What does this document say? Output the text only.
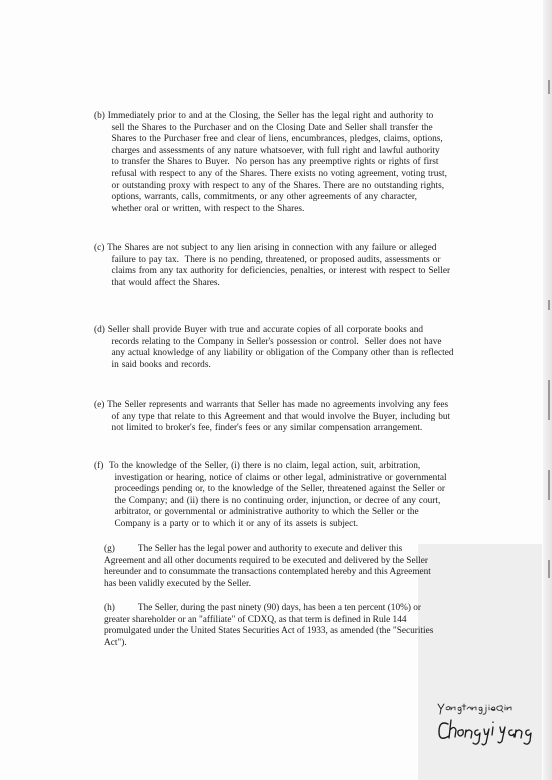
(b) Immediately prior to and at the Closing, the Seller has the legal right and authority to
sell the Shares to the Purchaser and on the Closing Date and Seller shall transfer the
Shares to the Purchaser free and clear of liens, encumbrances, pledges, claims, options,
charges and assessments of any nature whatsoever, with full right and lawful authority
to transfer the Shares to Buyer.  No person has any preemptive rights or rights of first
refusal with respect to any of the Shares. There exists no voting agreement, voting trust,
or outstanding proxy with respect to any of the Shares. There are no outstanding rights,
options, warrants, calls, commitments, or any other agreements of any character,
whether oral or written, with respect to the Shares.
(c) The Shares are not subject to any lien arising in connection with any failure or alleged
failure to pay tax.  There is no pending, threatened, or proposed audits, assessments or
claims from any tax authority for deficiencies, penalties, or interest with respect to Seller
that would affect the Shares.
(d) Seller shall provide Buyer with true and accurate copies of all corporate books and
records relating to the Company in Seller's possession or control.  Seller does not have
any actual knowledge of any liability or obligation of the Company other than is reflected
in said books and records.
(e) The Seller represents and warrants that Seller has made no agreements involving any fees
of any type that relate to this Agreement and that would involve the Buyer, including but
not limited to broker's fee, finder's fees or any similar compensation arrangement.
(f)  To the knowledge of the Seller, (i) there is no claim, legal action, suit, arbitration,
investigation or hearing, notice of claims or other legal, administrative or governmental
proceedings pending or, to the knowledge of the Seller, threatened against the Seller or
the Company; and (ii) there is no continuing order, injunction, or decree of any court,
arbitrator, or governmental or administrative authority to which the Seller or the
Company is a party or to which it or any of its assets is subject.
(g)          The Seller has the legal power and authority to execute and deliver this
Agreement and all other documents required to be executed and delivered by the Seller
hereunder and to consummate the transactions contemplated hereby and this Agreement
has been validly executed by the Seller.
(h)          The Seller, during the past ninety (90) days, has been a ten percent (10%) or
greater shareholder or an "affiliate" of CDXQ, as that term is defined in Rule 144
promulgated under the United States Securities Act of 1933, as amended (the "Securities
Act").
